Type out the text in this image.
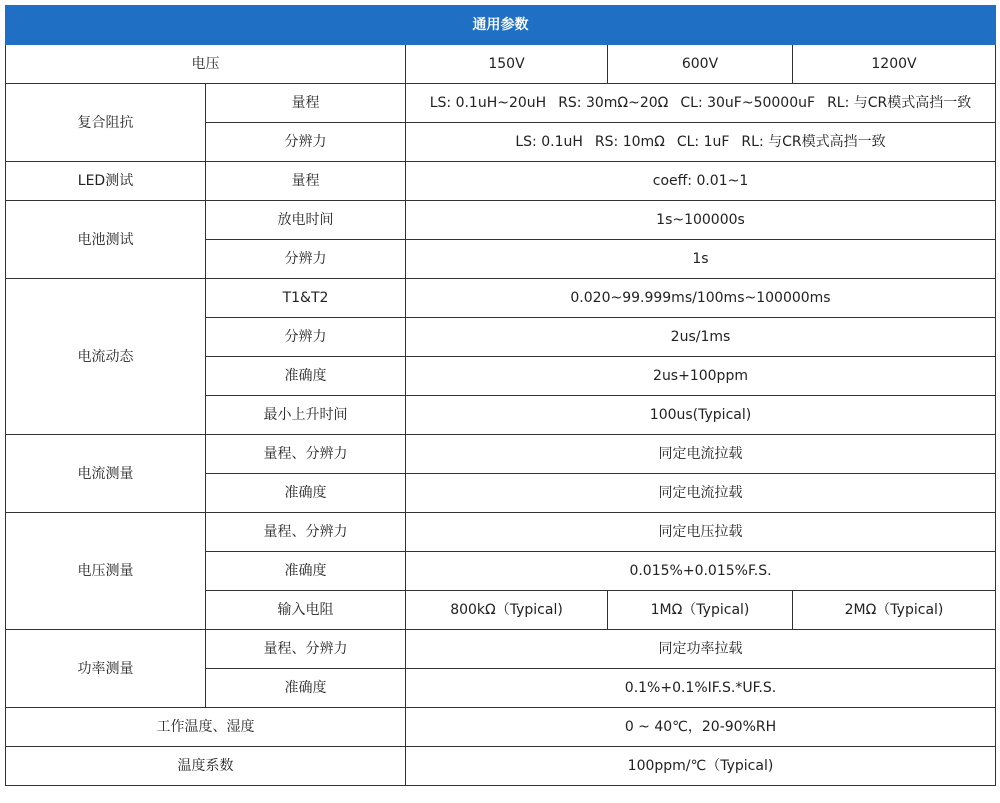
通用参数				
电压		150V	600V	1200V
复合阻抗	量程	LS: 0.1uH~20uH RS: 30mΩ~20Ω CL: 30uF~50000uF RL: 与CR模式高挡一致		
	分辨力	LS: 0.1uH RS: 10mΩ CL: 1uF RL: 与CR模式高挡一致		
LED测试	量程	coeff: 0.01~1		
电池测试	放电时间	1s~100000s		
	分辨力	1s		
电流动态	T1&T2	0.020~99.999ms/100ms~100000ms		
	分辨力	2us/1ms		
	准确度	2us+100ppm		
	最小上升时间	100us(Typical)		
电流测量	量程、分辨力	同定电流拉载		
	准确度	同定电流拉载		
电压测量	量程、分辨力	同定电压拉载		
	准确度	0.015%+0.015%F.S.		
	输入电阻	800kΩ（Typical)	1MΩ（Typical)	2MΩ（Typical)
功率测量	量程、分辨力	同定功率拉载		
	准确度	0.1%+0.1%IF.S.*UF.S.		
工作温度、湿度		0 ~ 40℃，20-90%RH		
温度系数		100ppm/℃（Typical)		
